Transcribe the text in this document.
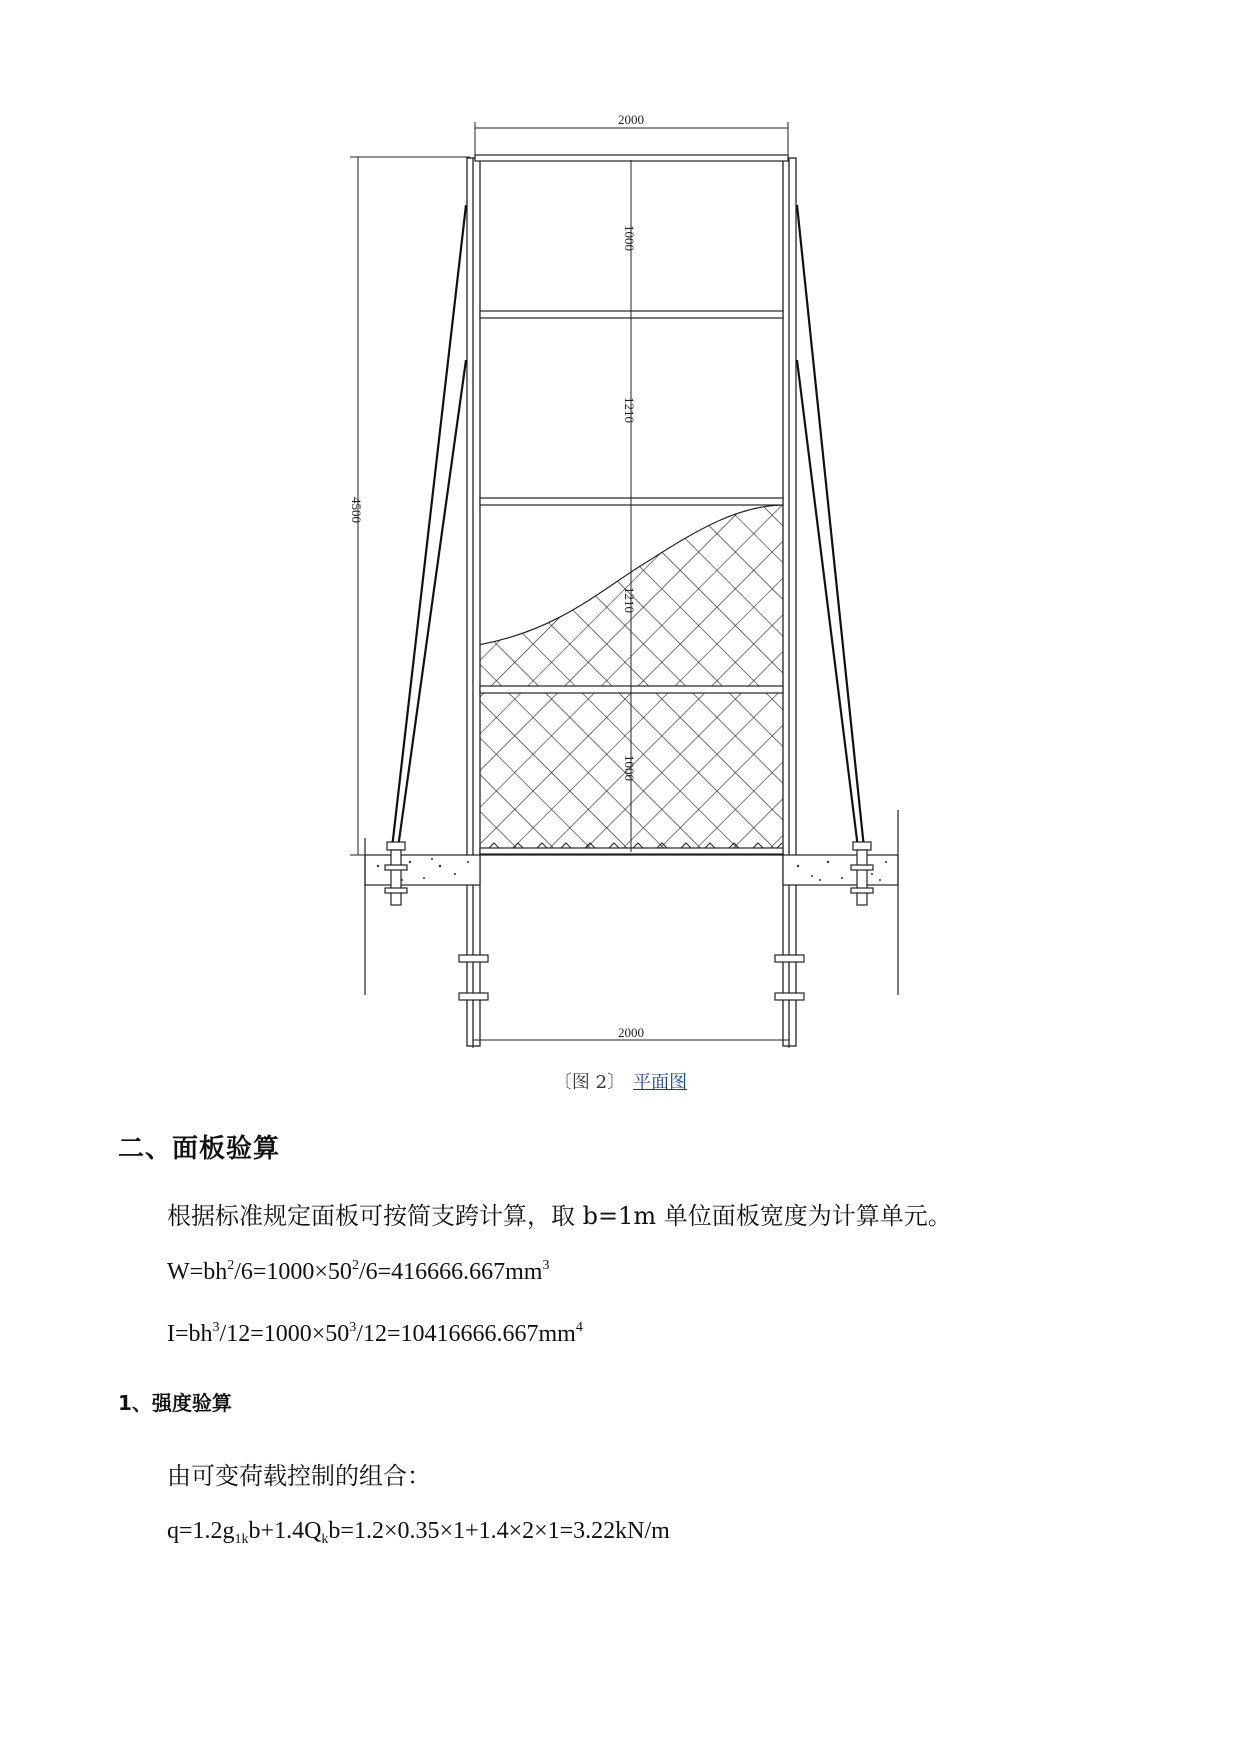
2000
4500
1000
1210
1210
1000
2000
〔图 2〕 平面图
二、面板验算
根据标准规定面板可按简支跨计算，取 b=1m 单位面板宽度为计算单元。
$W=bh^2/6=1000\times 50^2/6=416666.667mm^3$
$I=bh^3/12=1000\times 50^3/12=10416666.667mm^4$
1、强度验算
由可变荷载控制的组合：
$q=1.2g_{1k}b+1.4Q_kb=1.2\times 0.35\times 1+1.4\times 2\times 1=3.22kN/m$
